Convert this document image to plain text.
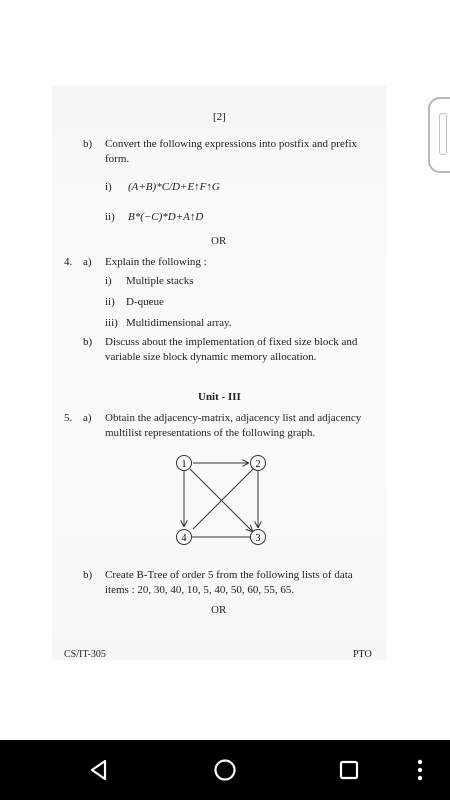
[2]
b) Convert the following expressions into postfix and prefix
form.
i) (A+B)*C/D+E↑F↑G
ii) B*(−C)*D+A↑D
OR
4. a) Explain the following :
i) Multiple stacks
ii) D-queue
iii) Multidimensional array.
b) Discuss about the implementation of fixed size block and
variable size block dynamic memory allocation.
Unit - III
5. a) Obtain the adjacency-matrix, adjacency list and adjacency
multilist representations of the following graph.
1	2
3
4
b) Create B-Tree of order 5 from the following lists of data
items : 20, 30, 40, 10, 5, 40, 50, 60, 55, 65.
OR
CS/IT-305	PTO
